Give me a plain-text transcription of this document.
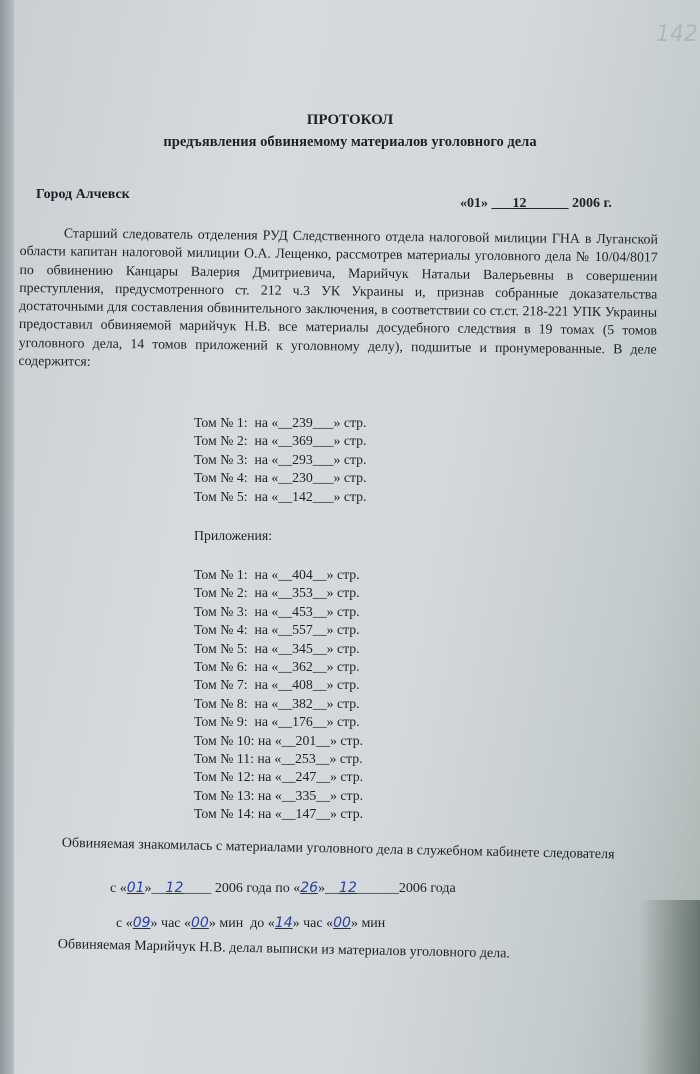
142
ПРОТОКОЛ
предъявления обвиняемому материалов уголовного дела
Город Алчевск
«01» ___12______ 2006 г.
Старший следователь отделения РУД Следственного отдела налоговой милиции ГНА в Луганской области капитан налоговой милиции О.А. Лещенко, рассмотрев материалы уголовного дела № 10/04/8017 по обвинению Канцары Валерия Дмитриевича, Марийчук Натальи Валерьевны в совершении преступления, предусмотренного ст. 212 ч.3 УК Украины и, признав собранные доказательства достаточными для составления обвинительного заключения, в соответствии со ст.ст. 218-221 УПК Украины предоставил обвиняемой марийчук Н.В. все материалы досудебного следствия в 19 томах (5 томов уголовного дела, 14 томов приложений к уголовному делу), подшитые и пронумерованные. В деле содержится:
Том № 1:  на «__239___» стр.
Том № 2:  на «__369___» стр.
Том № 3:  на «__293___» стр.
Том № 4:  на «__230___» стр.
Том № 5:  на «__142___» стр.
Приложения:
Том № 1:  на «__404__» стр.
Том № 2:  на «__353__» стр.
Том № 3:  на «__453__» стр.
Том № 4:  на «__557__» стр.
Том № 5:  на «__345__» стр.
Том № 6:  на «__362__» стр.
Том № 7:  на «__408__» стр.
Том № 8:  на «__382__» стр.
Том № 9:  на «__176__» стр.
Том № 10: на «__201__» стр.
Том № 11: на «__253__» стр.
Том № 12: на «__247__» стр.
Том № 13: на «__335__» стр.
Том № 14: на «__147__» стр.
Обвиняемая знакомилась с материалами уголовного дела в служебном кабинете следователя
с «01»__12____ 2006 года по «26»__12______2006 года
с «09» час «00» мин  до «14» час «00» мин
Обвиняемая Марийчук Н.В. делал выписки из материалов уголовного дела.
